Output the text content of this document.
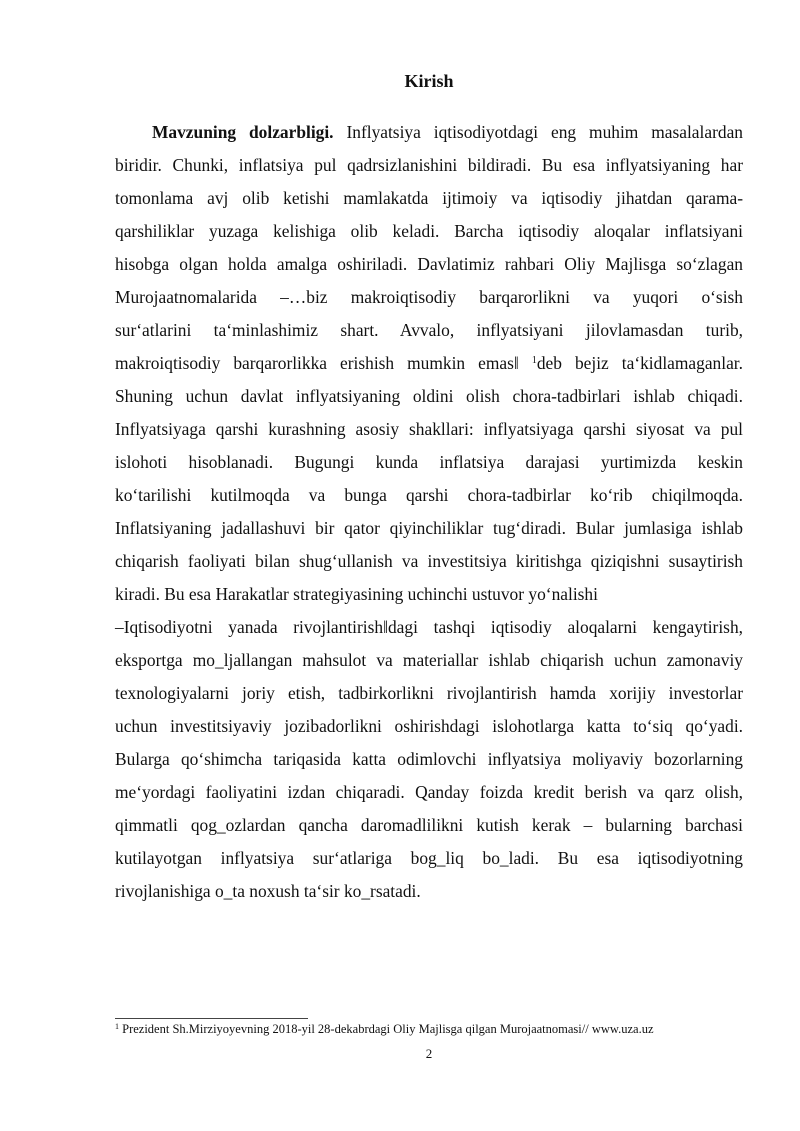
Kirish
Mavzuning dolzarbligi. Inflyatsiya iqtisodiyotdagi eng muhim masalalardan
biridir. Chunki, inflatsiya pul qadrsizlanishini bildiradi. Bu esa inflyatsiyaning har
tomonlama avj olib ketishi mamlakatda ijtimoiy va iqtisodiy jihatdan qarama-
qarshiliklar yuzaga kelishiga olib keladi. Barcha iqtisodiy aloqalar inflatsiyani
hisobga olgan holda amalga oshiriladi. Davlatimiz rahbari Oliy Majlisga so‘zlagan
Murojaatnomalarida –…biz makroiqtisodiy barqarorlikni va yuqori o‘sish
sur‘atlarini ta‘minlashimiz shart. Avvalo, inflyatsiyani jilovlamasdan turib,
makroiqtisodiy barqarorlikka erishish mumkin emas‖ $^1$deb bejiz ta‘kidlamaganlar.
Shuning uchun davlat inflyatsiyaning oldini olish chora-tadbirlari ishlab chiqadi.
Inflyatsiyaga qarshi kurashning asosiy shakllari: inflyatsiyaga qarshi siyosat va pul
islohoti hisoblanadi. Bugungi kunda inflatsiya darajasi yurtimizda keskin
ko‘tarilishi kutilmoqda va bunga qarshi chora-tadbirlar ko‘rib chiqilmoqda.
Inflatsiyaning jadallashuvi bir qator qiyinchiliklar tug‘diradi. Bular jumlasiga ishlab
chiqarish faoliyati bilan shug‘ullanish va investitsiya kiritishga qiziqishni susaytirish
kiradi. Bu esa Harakatlar strategiyasining uchinchi ustuvor yo‘nalishi
–Iqtisodiyotni yanada rivojlantirish‖dagi tashqi iqtisodiy aloqalarni kengaytirish,
eksportga mo_ljallangan mahsulot va materiallar ishlab chiqarish uchun zamonaviy
texnologiyalarni joriy etish, tadbirkorlikni rivojlantirish hamda xorijiy investorlar
uchun investitsiyaviy jozibadorlikni oshirishdagi islohotlarga katta to‘siq qo‘yadi.
Bularga qo‘shimcha tariqasida katta odimlovchi inflyatsiya moliyaviy bozorlarning
me‘yordagi faoliyatini izdan chiqaradi. Qanday foizda kredit berish va qarz olish,
qimmatli qog_ozlardan qancha daromadlilikni kutish kerak – bularning barchasi
kutilayotgan inflyatsiya sur‘atlariga bog_liq bo_ladi. Bu esa iqtisodiyotning
rivojlanishiga o_ta noxush ta‘sir ko_rsatadi.
$^1$ Prezident Sh.Mirziyoyevning 2018-yil 28-dekabrdagi Oliy Majlisga qilgan Murojaatnomasi// www.uza.uz
2
